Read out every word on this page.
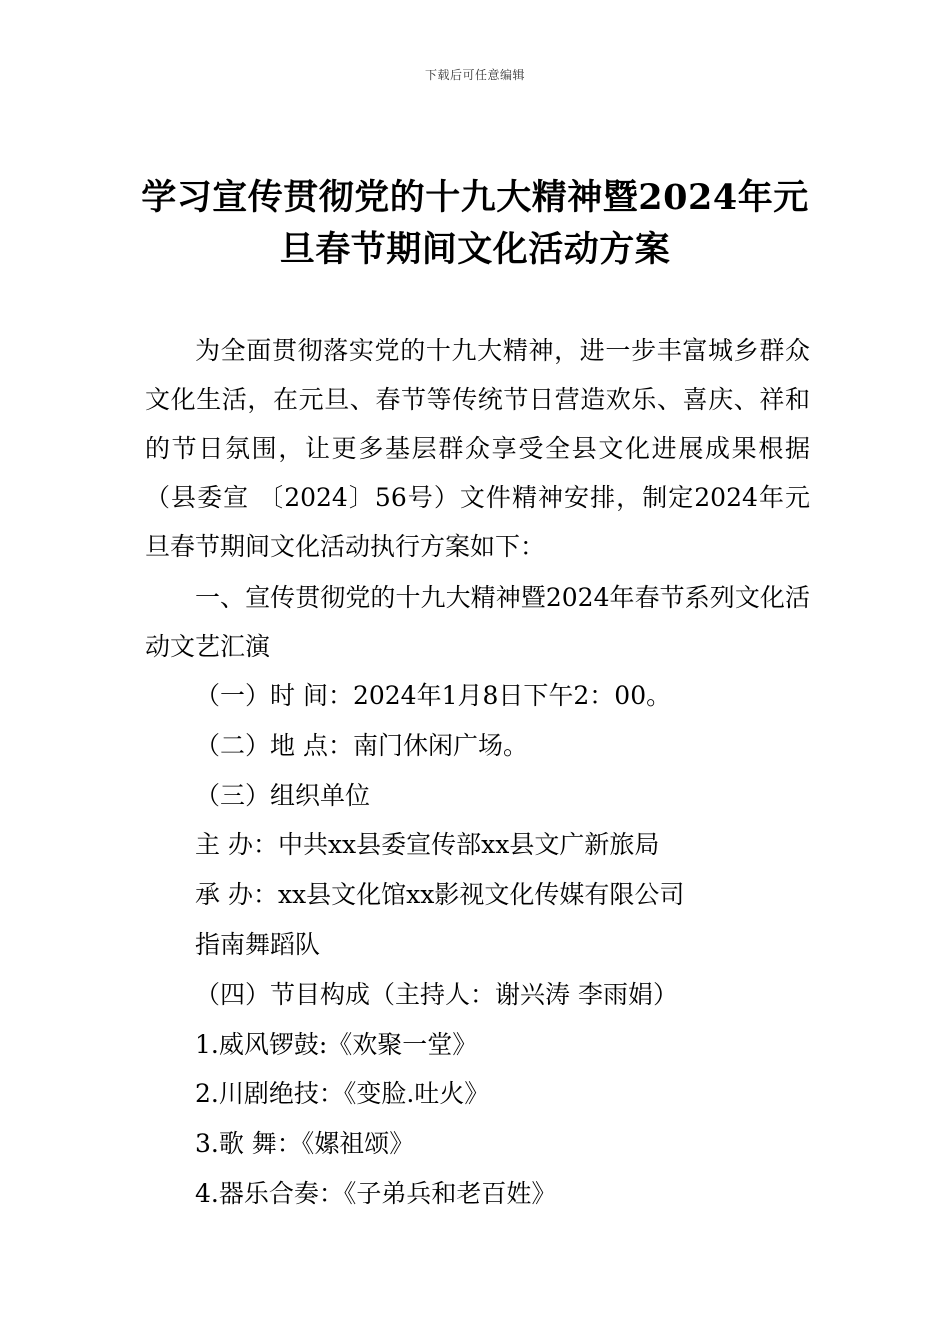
下载后可任意编辑
学习宣传贯彻党的十九大精神暨2024年元
旦春节期间文化活动方案

为全面贯彻落实党的十九大精神，进一步丰富城乡群众文化生活，在元旦、春节等传统节日营造欢乐、喜庆、祥和的节日氛围，让更多基层群众享受全县文化进展成果根据（县委宣 〔2024〕56号）文件精神安排，制定2024年元旦春节期间文化活动执行方案如下：

一、宣传贯彻党的十九大精神暨2024年春节系列文化活动文艺汇演

（一）时 间：2024年1月8日下午2：00。
（二）地 点：南门休闲广场。
（三）组织单位
主 办：中共xx县委宣传部xx县文广新旅局
承 办：xx县文化馆xx影视文化传媒有限公司
指南舞蹈队
（四）节目构成（主持人：谢兴涛 李雨娟）
1.威风锣鼓:《欢聚一堂》
2.川剧绝技：《变脸.吐火》
3.歌 舞：《嫘祖颂》
4.器乐合奏：《子弟兵和老百姓》
